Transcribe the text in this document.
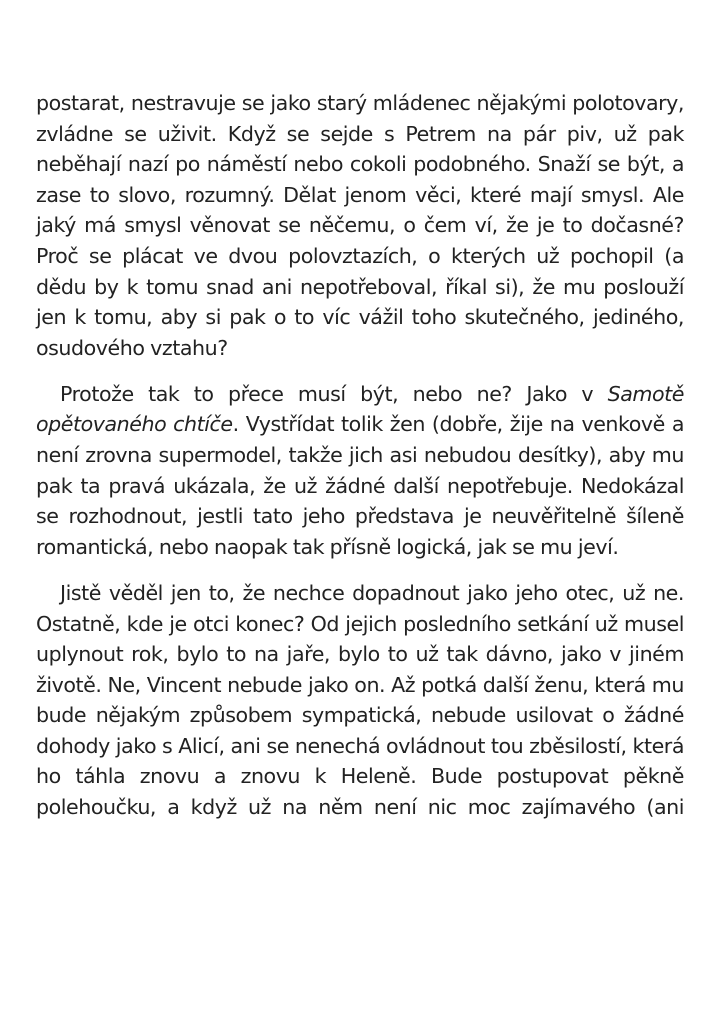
postarat, nestravuje se jako starý mládenec nějakými polotovary, zvládne se uživit. Když se sejde s Petrem na pár piv, už pak neběhají nazí po náměstí nebo cokoli podobného. Snaží se být, a zase to slovo, rozumný. Dělat jenom věci, které mají smysl. Ale jaký má smysl věnovat se něčemu, o čem ví, že je to dočasné? Proč se plácat ve dvou polovztazích, o kterých už pochopil (a dědu by k tomu snad ani nepotřeboval, říkal si), že mu poslouží jen k tomu, aby si pak o to víc vážil toho skutečného, jediného, osudového vztahu?

Protože tak to přece musí být, nebo ne? Jako v Samotě opětovaného chtíče. Vystřídat tolik žen (dobře, žije na venkově a není zrovna supermodel, takže jich asi nebudou desítky), aby mu pak ta pravá ukázala, že už žádné další nepotřebuje. Nedokázal se rozhodnout, jestli tato jeho představa je neuvěřitelně šíleně romantická, nebo naopak tak přísně logická, jak se mu jeví.

Jistě věděl jen to, že nechce dopadnout jako jeho otec, už ne. Ostatně, kde je otci konec? Od jejich posledního setkání už musel uplynout rok, bylo to na jaře, bylo to už tak dávno, jako v jiném životě. Ne, Vincent nebude jako on. Až potká další ženu, která mu bude nějakým způsobem sympatická, nebude usilovat o žádné dohody jako s Alicí, ani se nenechá ovládnout tou zběsilostí, která ho táhla znovu a znovu k Heleně. Bude postupovat pěkně polehoučku, a když už na něm není nic moc zajímavého (ani
